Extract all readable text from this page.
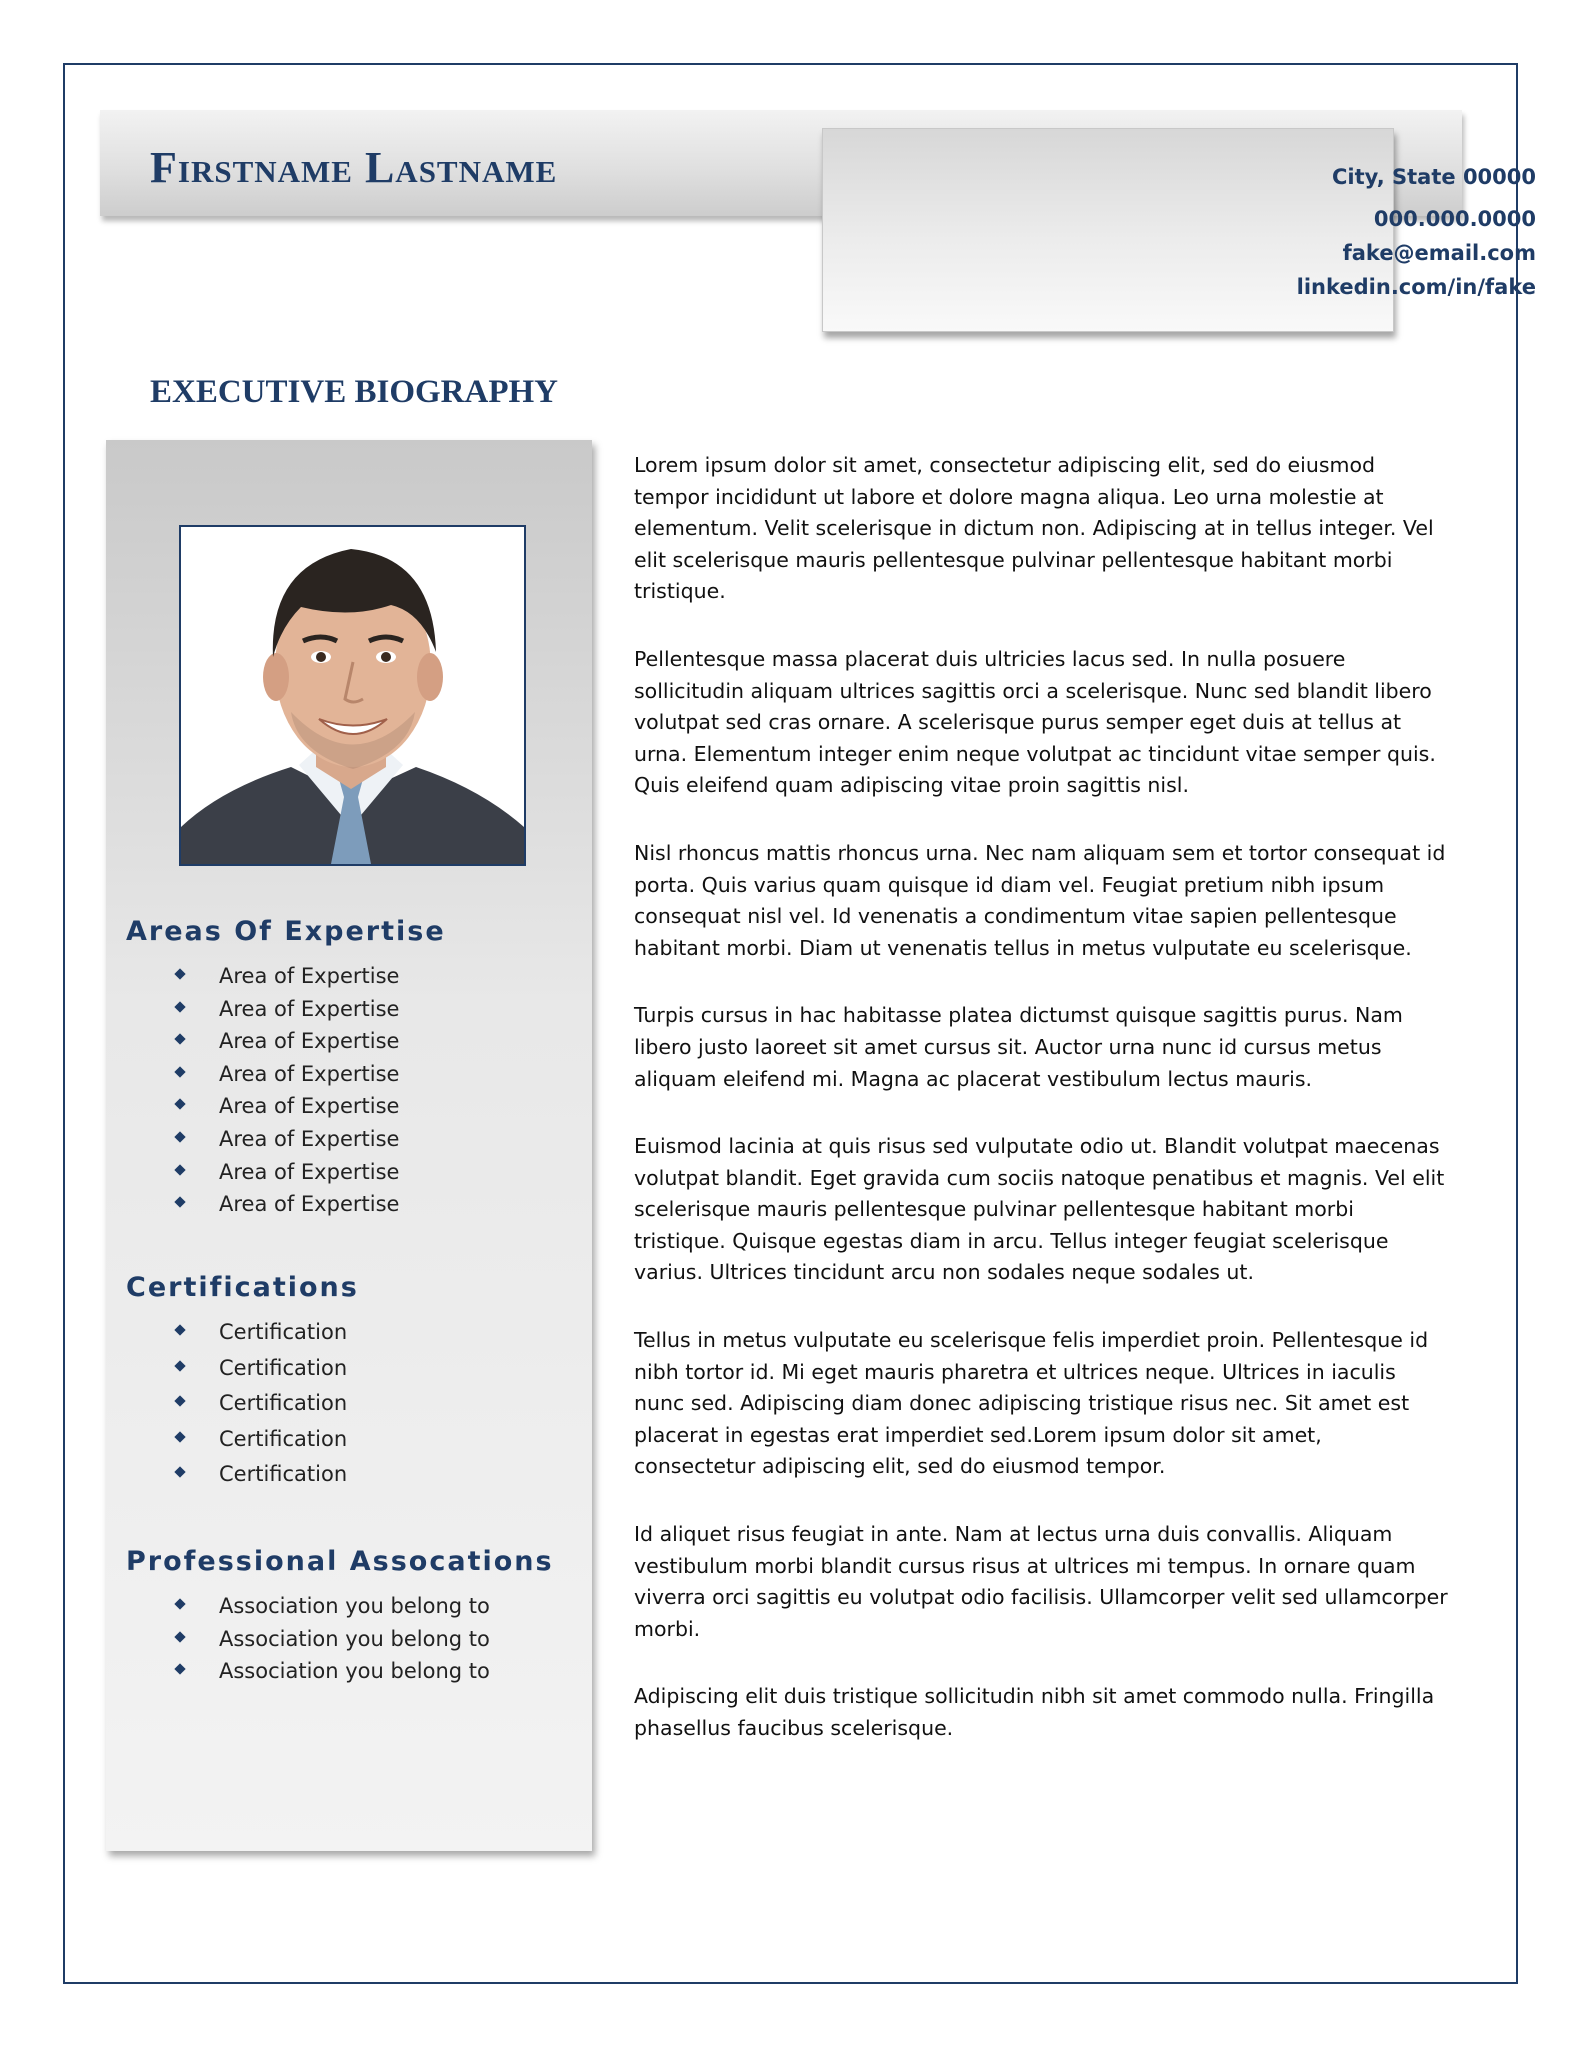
Firstname Lastname	City, State 00000

000.000.0000

fake@email.com

linkedin.com/in/fake

EXECUTIVE BIOGRAPHY
Areas Of Expertise
Area of Expertise
Area of Expertise
Area of Expertise
Area of Expertise
Area of Expertise
Area of Expertise
Area of Expertise
Area of Expertise
Certifications
Certification
Certification
Certification
Certification
Certification
Professional Assocations
Association you belong to
Association you belong to
Association you belong to

Lorem ipsum dolor sit amet, consectetur adipiscing elit, sed do eiusmod tempor incididunt ut labore et dolore magna aliqua. Leo urna molestie at elementum. Velit scelerisque in dictum non. Adipiscing at in tellus integer. Vel elit scelerisque mauris pellentesque pulvinar pellentesque habitant morbi tristique.

Pellentesque massa placerat duis ultricies lacus sed. In nulla posuere sollicitudin aliquam ultrices sagittis orci a scelerisque. Nunc sed blandit libero volutpat sed cras ornare. A scelerisque purus semper eget duis at tellus at urna. Elementum integer enim neque volutpat ac tincidunt vitae semper quis. Quis eleifend quam adipiscing vitae proin sagittis nisl.

Nisl rhoncus mattis rhoncus urna. Nec nam aliquam sem et tortor consequat id porta. Quis varius quam quisque id diam vel. Feugiat pretium nibh ipsum consequat nisl vel. Id venenatis a condimentum vitae sapien pellentesque habitant morbi. Diam ut venenatis tellus in metus vulputate eu scelerisque.

Turpis cursus in hac habitasse platea dictumst quisque sagittis purus. Nam libero justo laoreet sit amet cursus sit. Auctor urna nunc id cursus metus aliquam eleifend mi. Magna ac placerat vestibulum lectus mauris.

Euismod lacinia at quis risus sed vulputate odio ut. Blandit volutpat maecenas volutpat blandit. Eget gravida cum sociis natoque penatibus et magnis. Vel elit scelerisque mauris pellentesque pulvinar pellentesque habitant morbi tristique. Quisque egestas diam in arcu. Tellus integer feugiat scelerisque varius. Ultrices tincidunt arcu non sodales neque sodales ut.

Tellus in metus vulputate eu scelerisque felis imperdiet proin. Pellentesque id nibh tortor id. Mi eget mauris pharetra et ultrices neque. Ultrices in iaculis nunc sed. Adipiscing diam donec adipiscing tristique risus nec. Sit amet est placerat in egestas erat imperdiet sed.Lorem ipsum dolor sit amet, consectetur adipiscing elit, sed do eiusmod tempor.

Id aliquet risus feugiat in ante. Nam at lectus urna duis convallis. Aliquam vestibulum morbi blandit cursus risus at ultrices mi tempus. In ornare quam viverra orci sagittis eu volutpat odio facilisis. Ullamcorper velit sed ullamcorper morbi.

Adipiscing elit duis tristique sollicitudin nibh sit amet commodo nulla. Fringilla phasellus faucibus scelerisque.
